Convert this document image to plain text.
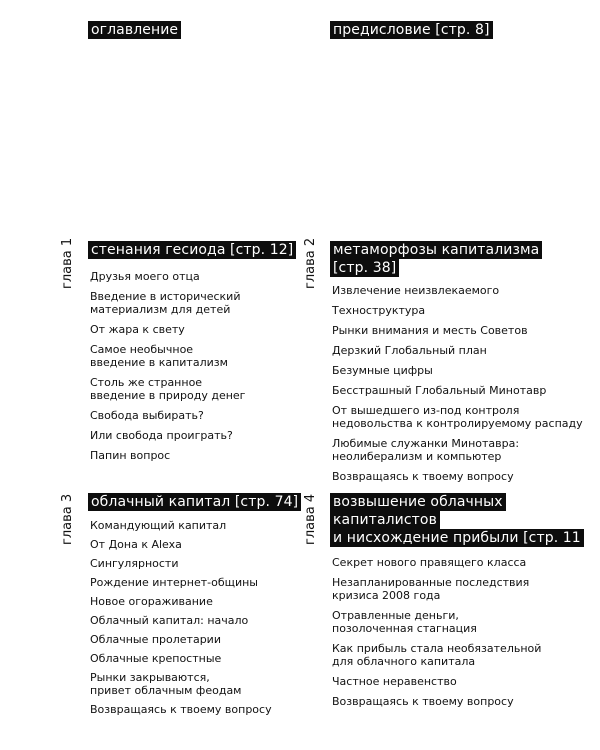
оглавление	предисловие [стр. 8]
глава 1 стенания гесиода [стр. 12]
Друзья моего отца
Введение в исторический
материализм для детей
От жара к свету
Самое необычное
введение в капитализм
Столь же странное
введение в природу денег
Свобода выбирать?
Или свобода проиграть?
Папин вопрос
глава 2 метаморфозы капитализма
[стр. 38]
Извлечение неизвлекаемого
Техноструктура
Рынки внимания и месть Советов
Дерзкий Глобальный план
Безумные цифры
Бесстрашный Глобальный Минотавр
От вышедшего из-под контроля
недовольства к контролируемому распаду
Любимые служанки Минотавра:
неолиберализм и компьютер
Возвращаясь к твоему вопросу
глава 3 облачный капитал [стр. 74]
Командующий капитал
От Дона к Alexa
Сингулярности
Рождение интернет-общины
Новое огораживание
Облачный капитал: начало
Облачные пролетарии
Облачные крепостные
Рынки закрываются,
привет облачным феодам
Возвращаясь к твоему вопросу
глава 4 возвышение облачных
капиталистов
и нисхождение прибыли [стр. 11
Секрет нового правящего класса
Незапланированные последствия
кризиса 2008 года
Отравленные деньги,
позолоченная стагнация
Как прибыль стала необязательной
для облачного капитала
Частное неравенство
Возвращаясь к твоему вопросу
